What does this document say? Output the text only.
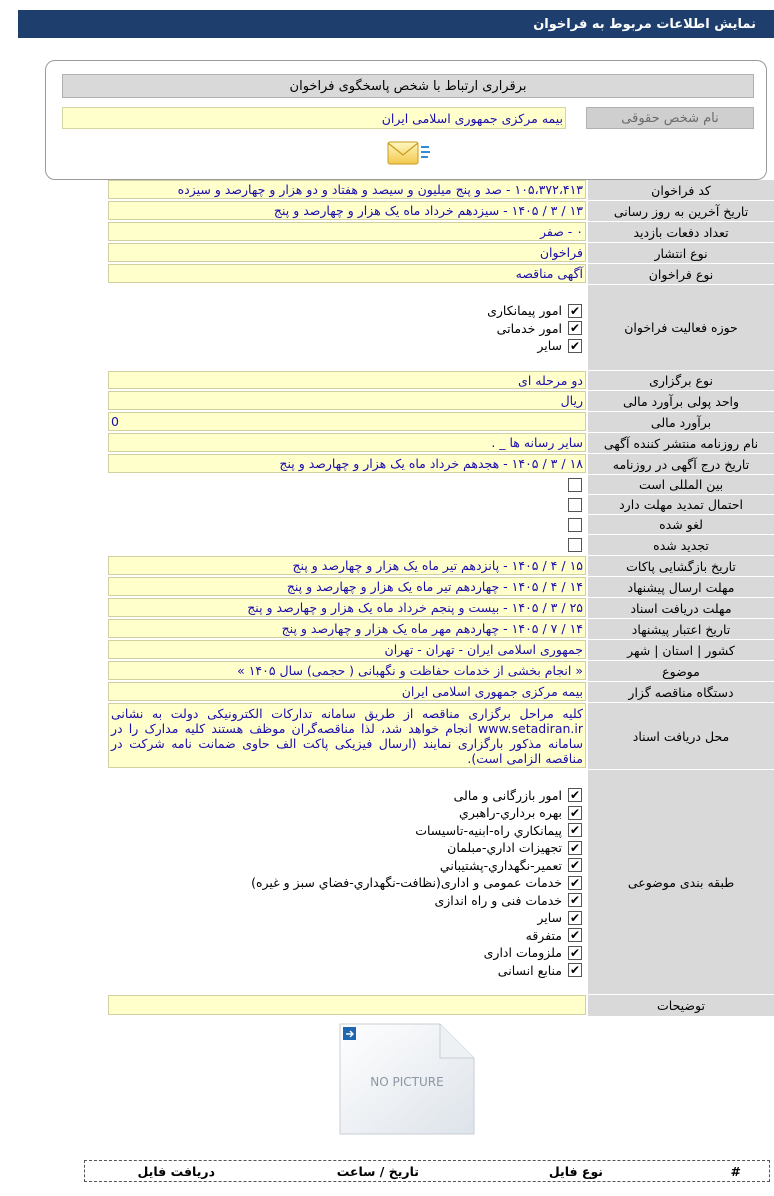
نمایش اطلاعات مربوط به فراخوان
برقراری ارتباط با شخص پاسخگوی فراخوان
نام شخص حقوقی
بیمه مرکزی جمهوری اسلامی ایران
کد فراخوان
۱۰۵،۳۷۲،۴۱۳ - صد و پنج میلیون و سیصد و هفتاد و دو هزار و چهارصد و سیزده
تاریخ آخرین به روز رسانی
۱۳ / ۳ / ۱۴۰۵ - سیزدهم خرداد ماه یک هزار و چهارصد و پنج
تعداد دفعات بازدید
۰ - صفر
نوع انتشار
فراخوان
نوع فراخوان
آگهی مناقصه
حوزه فعالیت فراخوان
✔
امور پیمانکاری
✔
امور خدماتی
✔
سایر
نوع برگزاری
دو مرحله ای
واحد پولی برآورد مالی
ریال
برآورد مالی
0
نام روزنامه منتشر کننده آگهی
سایر رسانه ها _ .
تاریخ درج آگهی در روزنامه
۱۸ / ۳ / ۱۴۰۵ - هجدهم خرداد ماه یک هزار و چهارصد و پنج
بین المللی است
احتمال تمدید مهلت دارد
لغو شده
تجدید شده
تاریخ بازگشایی پاکات
۱۵ / ۴ / ۱۴۰۵ - پانزدهم تیر ماه یک هزار و چهارصد و پنج
مهلت ارسال پیشنهاد
۱۴ / ۴ / ۱۴۰۵ - چهاردهم تیر ماه یک هزار و چهارصد و پنج
مهلت دریافت اسناد
۲۵ / ۳ / ۱۴۰۵ - بیست و پنجم خرداد ماه یک هزار و چهارصد و پنج
تاریخ اعتبار پیشنهاد
۱۴ / ۷ / ۱۴۰۵ - چهاردهم مهر ماه یک هزار و چهارصد و پنج
کشور | استان | شهر
جمهوری اسلامی ایران - تهران - تهران
موضوع
« انجام بخشی از خدمات حفاظت و نگهبانی ( حجمی) سال ۱۴۰۵ »
دستگاه مناقصه گزار
بیمه مرکزی جمهوری اسلامی ایران
محل دریافت اسناد
کلیه مراحل برگزاری مناقصه از طریق سامانه تدارکات الکترونیکی دولت به نشانی www.setadiran.ir انجام خواهد شد، لذا مناقصه‌گران موظف هستند کلیه مدارک را در سامانه مذکور بارگزاری نمایند (ارسال فیزیکی پاکت الف حاوی ضمانت نامه شرکت در مناقصه الزامی است).
طبقه بندی موضوعی
✔
امور بازرگانی و مالی
✔
بهره برداري-راهبري
✔
پيمانكاري راه-ابنيه-تاسيسات
✔
تجهيزات اداري-مبلمان
✔
تعمير-نگهداري-پشتيباني
✔
خدمات عمومی و اداری(نظافت-نگهداري-فضاي سبز و غيره)
✔
خدمات فنی و راه اندازی
✔
سایر
✔
متفرقه
✔
ملزومات اداری
✔
منابع انسانی
توضیحات
NO PICTURE
#
نوع فایل
تاریخ / ساعت
دریافت فایل
